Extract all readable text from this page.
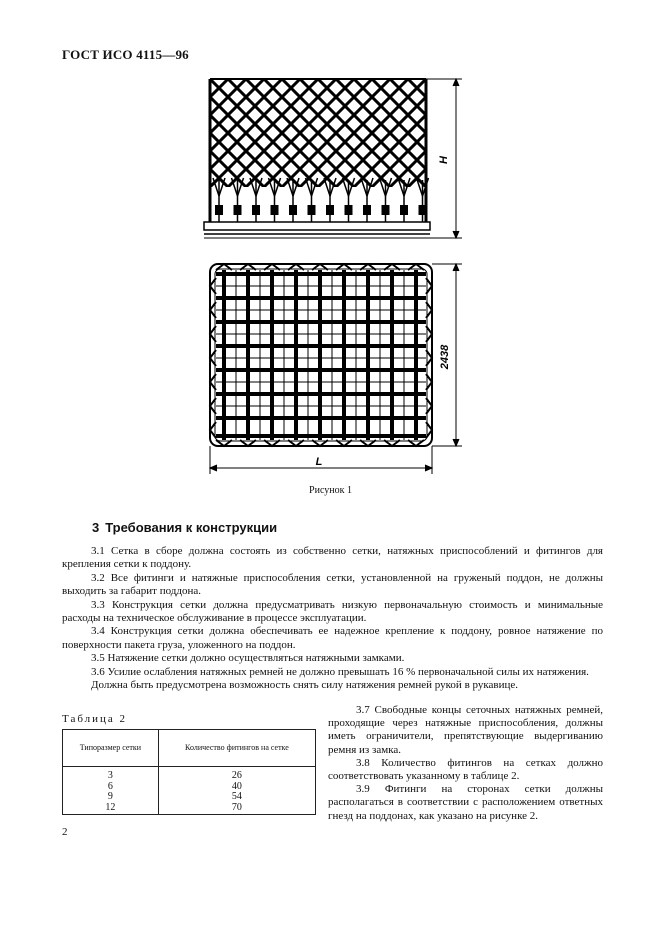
ГОСТ ИСО 4115—96
H
2438
L
Рисунок 1
3 Требования к конструкции

3.1 Сетка в сборе должна состоять из собственно сетки, натяжных приспособлений и фитингов для крепления сетки к поддону.

3.2 Все фитинги и натяжные приспособления сетки, установленной на груженый поддон, не должны выходить за габарит поддона.

3.3 Конструкция сетки должна предусматривать низкую первоначальную стоимость и минимальные расходы на техническое обслуживание в процессе эксплуатации.

3.4 Конструкция сетки должна обеспечивать ее надежное крепление к поддону, ровное натяжение по поверхности пакета груза, уложенного на поддон.

3.5 Натяжение сетки должно осуществляться натяжными замками.

3.6 Усилие ослабления натяжных ремней не должно превышать 16 % первоначальной силы их натяжения.

Должна быть предусмотрена возможность снять силу натяжения ремней рукой в рукавице.

Таблица 2
Типоразмер сетки	Количество фитингов на сетке
3	26
6	40
9	54
12	70

3.7 Свободные концы сеточных натяжных ремней, проходящие через натяжные приспособления, должны иметь ограничители, препятствующие выдергиванию ремня из замка.

3.8 Количество фитингов на сетках должно соответствовать указанному в таблице 2.

3.9 Фитинги на сторонах сетки должны располагаться в соответствии с расположением ответных гнезд на поддонах, как указано на рисунке 2.

2
